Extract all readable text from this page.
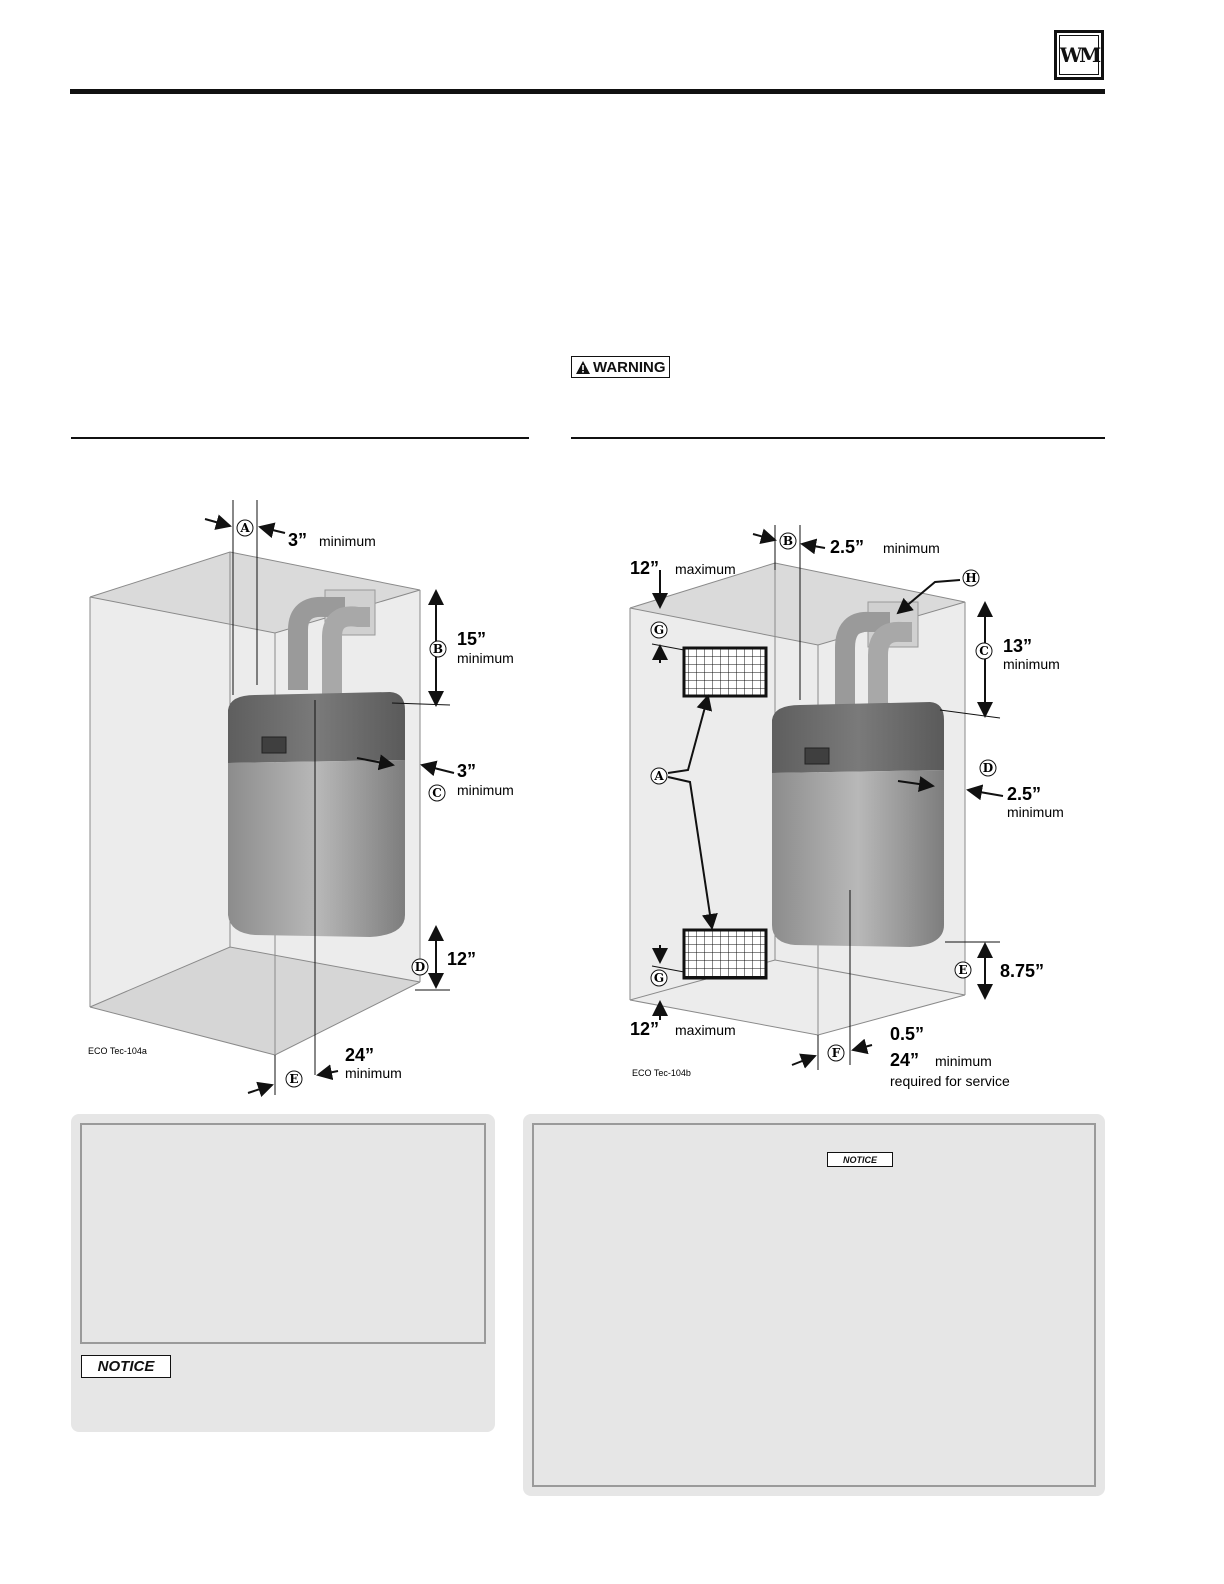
WM
WARNING
A
B
C
D
E
3” minimum
15”
minimum
3”
minimum
12”
24”
minimum
ECO Tec-104a
A
B
C
D
E
F
G
G
H
12” maximum
12” maximum
2.5” minimum
13”
minimum
2.5”
minimum
8.75”
0.5”
24” minimum
required for service
ECO Tec-104b
NOTICE
NOTICE
